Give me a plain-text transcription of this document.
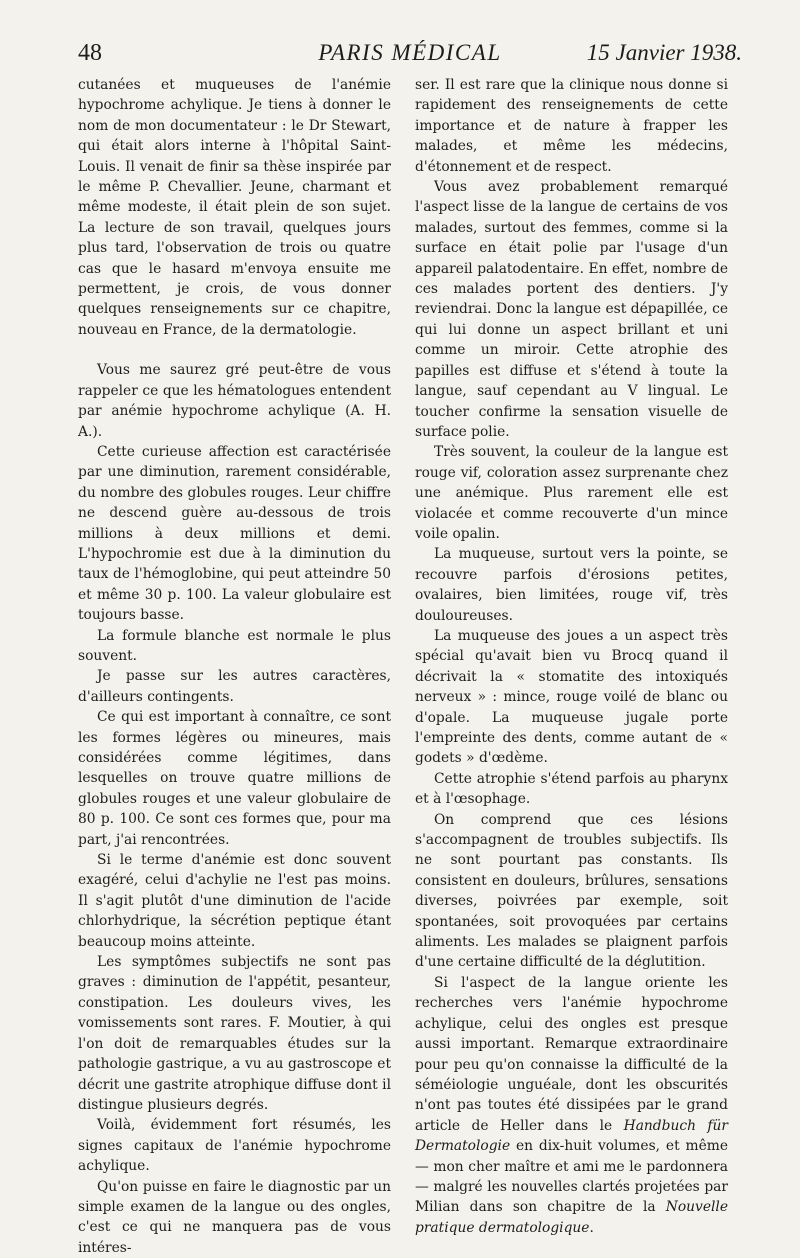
48	PARIS MÉDICAL	15 Janvier 1938.

cutanées et muqueuses de l'anémie hypochrome achylique. Je tiens à donner le nom de mon documentateur : le Dr Stewart, qui était alors interne à l'hôpital Saint-Louis. Il venait de finir sa thèse inspirée par le même P. Chevallier. Jeune, charmant et même modeste, il était plein de son sujet. La lecture de son travail, quelques jours plus tard, l'observation de trois ou quatre cas que le hasard m'envoya ensuite me permettent, je crois, de vous donner quelques renseignements sur ce chapitre, nouveau en France, de la dermatologie.

Vous me saurez gré peut-être de vous rappeler ce que les hématologues entendent par anémie hypochrome achylique (A. H. A.).

Cette curieuse affection est caractérisée par une diminution, rarement considérable, du nombre des globules rouges. Leur chiffre ne descend guère au-dessous de trois millions à deux millions et demi. L'hypochromie est due à la diminution du taux de l'hémoglobine, qui peut atteindre 50 et même 30 p. 100. La valeur globulaire est toujours basse.

La formule blanche est normale le plus souvent.

Je passe sur les autres caractères, d'ailleurs contingents.

Ce qui est important à connaître, ce sont les formes légères ou mineures, mais considérées comme légitimes, dans lesquelles on trouve quatre millions de globules rouges et une valeur globulaire de 80 p. 100. Ce sont ces formes que, pour ma part, j'ai rencontrées.

Si le terme d'anémie est donc souvent exagéré, celui d'achylie ne l'est pas moins. Il s'agit plutôt d'une diminution de l'acide chlorhydrique, la sécrétion peptique étant beaucoup moins atteinte.

Les symptômes subjectifs ne sont pas graves : diminution de l'appétit, pesanteur, constipation. Les douleurs vives, les vomissements sont rares. F. Moutier, à qui l'on doit de remarquables études sur la pathologie gastrique, a vu au gastroscope et décrit une gastrite atrophique diffuse dont il distingue plusieurs degrés.

Voilà, évidemment fort résumés, les signes capitaux de l'anémie hypochrome achylique.

Qu'on puisse en faire le diagnostic par un simple examen de la langue ou des ongles, c'est ce qui ne manquera pas de vous intéres-

ser. Il est rare que la clinique nous donne si rapidement des renseignements de cette importance et de nature à frapper les malades, et même les médecins, d'étonnement et de respect.

Vous avez probablement remarqué l'aspect lisse de la langue de certains de vos malades, surtout des femmes, comme si la surface en était polie par l'usage d'un appareil palatodentaire. En effet, nombre de ces malades portent des dentiers. J'y reviendrai. Donc la langue est dépapillée, ce qui lui donne un aspect brillant et uni comme un miroir. Cette atrophie des papilles est diffuse et s'étend à toute la langue, sauf cependant au V lingual. Le toucher confirme la sensation visuelle de surface polie.

Très souvent, la couleur de la langue est rouge vif, coloration assez surprenante chez une anémique. Plus rarement elle est violacée et comme recouverte d'un mince voile opalin.

La muqueuse, surtout vers la pointe, se recouvre parfois d'érosions petites, ovalaires, bien limitées, rouge vif, très douloureuses.

La muqueuse des joues a un aspect très spécial qu'avait bien vu Brocq quand il décrivait la « stomatite des intoxiqués nerveux » : mince, rouge voilé de blanc ou d'opale. La muqueuse jugale porte l'empreinte des dents, comme autant de « godets » d'œdème.

Cette atrophie s'étend parfois au pharynx et à l'œsophage.

On comprend que ces lésions s'accompagnent de troubles subjectifs. Ils ne sont pourtant pas constants. Ils consistent en douleurs, brûlures, sensations diverses, poivrées par exemple, soit spontanées, soit provoquées par certains aliments. Les malades se plaignent parfois d'une certaine difficulté de la déglutition.

Si l'aspect de la langue oriente les recherches vers l'anémie hypochrome achylique, celui des ongles est presque aussi important. Remarque extraordinaire pour peu qu'on connaisse la difficulté de la séméiologie unguéale, dont les obscurités n'ont pas toutes été dissipées par le grand article de Heller dans le Handbuch für Dermatologie en dix-huit volumes, et même — mon cher maître et ami me le pardonnera — malgré les nouvelles clartés projetées par Milian dans son chapitre de la Nouvelle pratique dermatologique.
